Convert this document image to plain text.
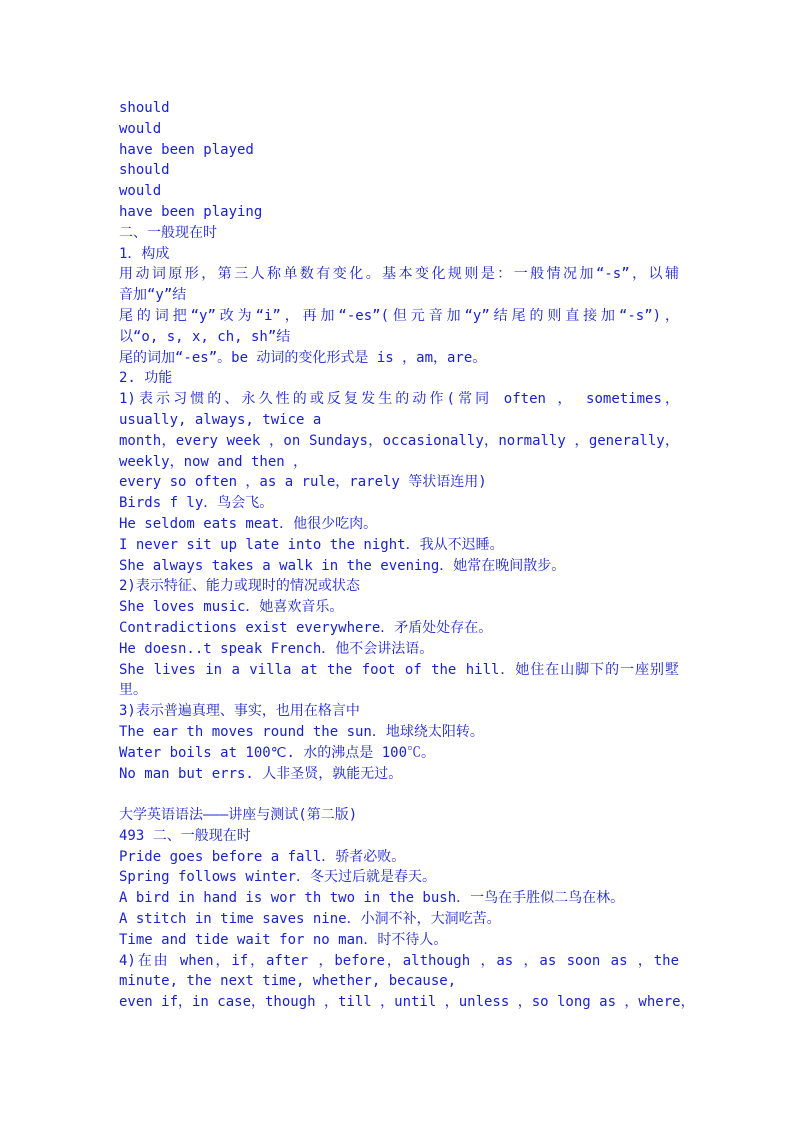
should
would
have been played
should
would
have been playing
二、一般现在时
1．构成
用动词原形，第三人称单数有变化。基本变化规则是：一般情况加“-s”，以辅
音加“y”结
尾的词把“y”改为“i”，再加“-es”(但元音加“y”结尾的则直接加“-s”)，
以“o, s, x, ch, sh”结
尾的词加“-es”。be 动词的变化形式是 is ，am，are。
2. 功能
1)表示习惯的、永久性的或反复发生的动作(常同 often ， sometimes，
usually, always, twice a
month，every week ，on Sundays，occasionally，normally ，generally，
weekly，now and then ，
every so often ，as a rule，rarely 等状语连用)
Birds f ly．鸟会飞。
He seldom eats meat．他很少吃肉。
I never sit up late into the night．我从不迟睡。
She always takes a walk in the evening．她常在晚间散步。
2)表示特征、能力或现时的情况或状态
She loves music．她喜欢音乐。
Contradictions exist everywhere．矛盾处处存在。
He doesn..t speak French．他不会讲法语。
She lives in a villa at the foot of the hill．她住在山脚下的一座别墅
里。
3)表示普遍真理、事实，也用在格言中
The ear th moves round the sun．地球绕太阳转。
Water boils at 100℃. 水的沸点是 100℃。
No man but errs. 人非圣贤，孰能无过。
大学英语语法———讲座与测试(第二版)
493 二、一般现在时
Pride goes before a fall．骄者必败。
Spring follows winter．冬天过后就是春天。
A bird in hand is wor th two in the bush．一鸟在手胜似二鸟在林。
A stitch in time saves nine．小洞不补，大洞吃苦。
Time and tide wait for no man．时不待人。
4)在由 when，if，after ，before，although ，as ，as soon as ，the
minute, the next time, whether, because,
even if，in case，though ，till ，until ，unless ，so long as ，where，
